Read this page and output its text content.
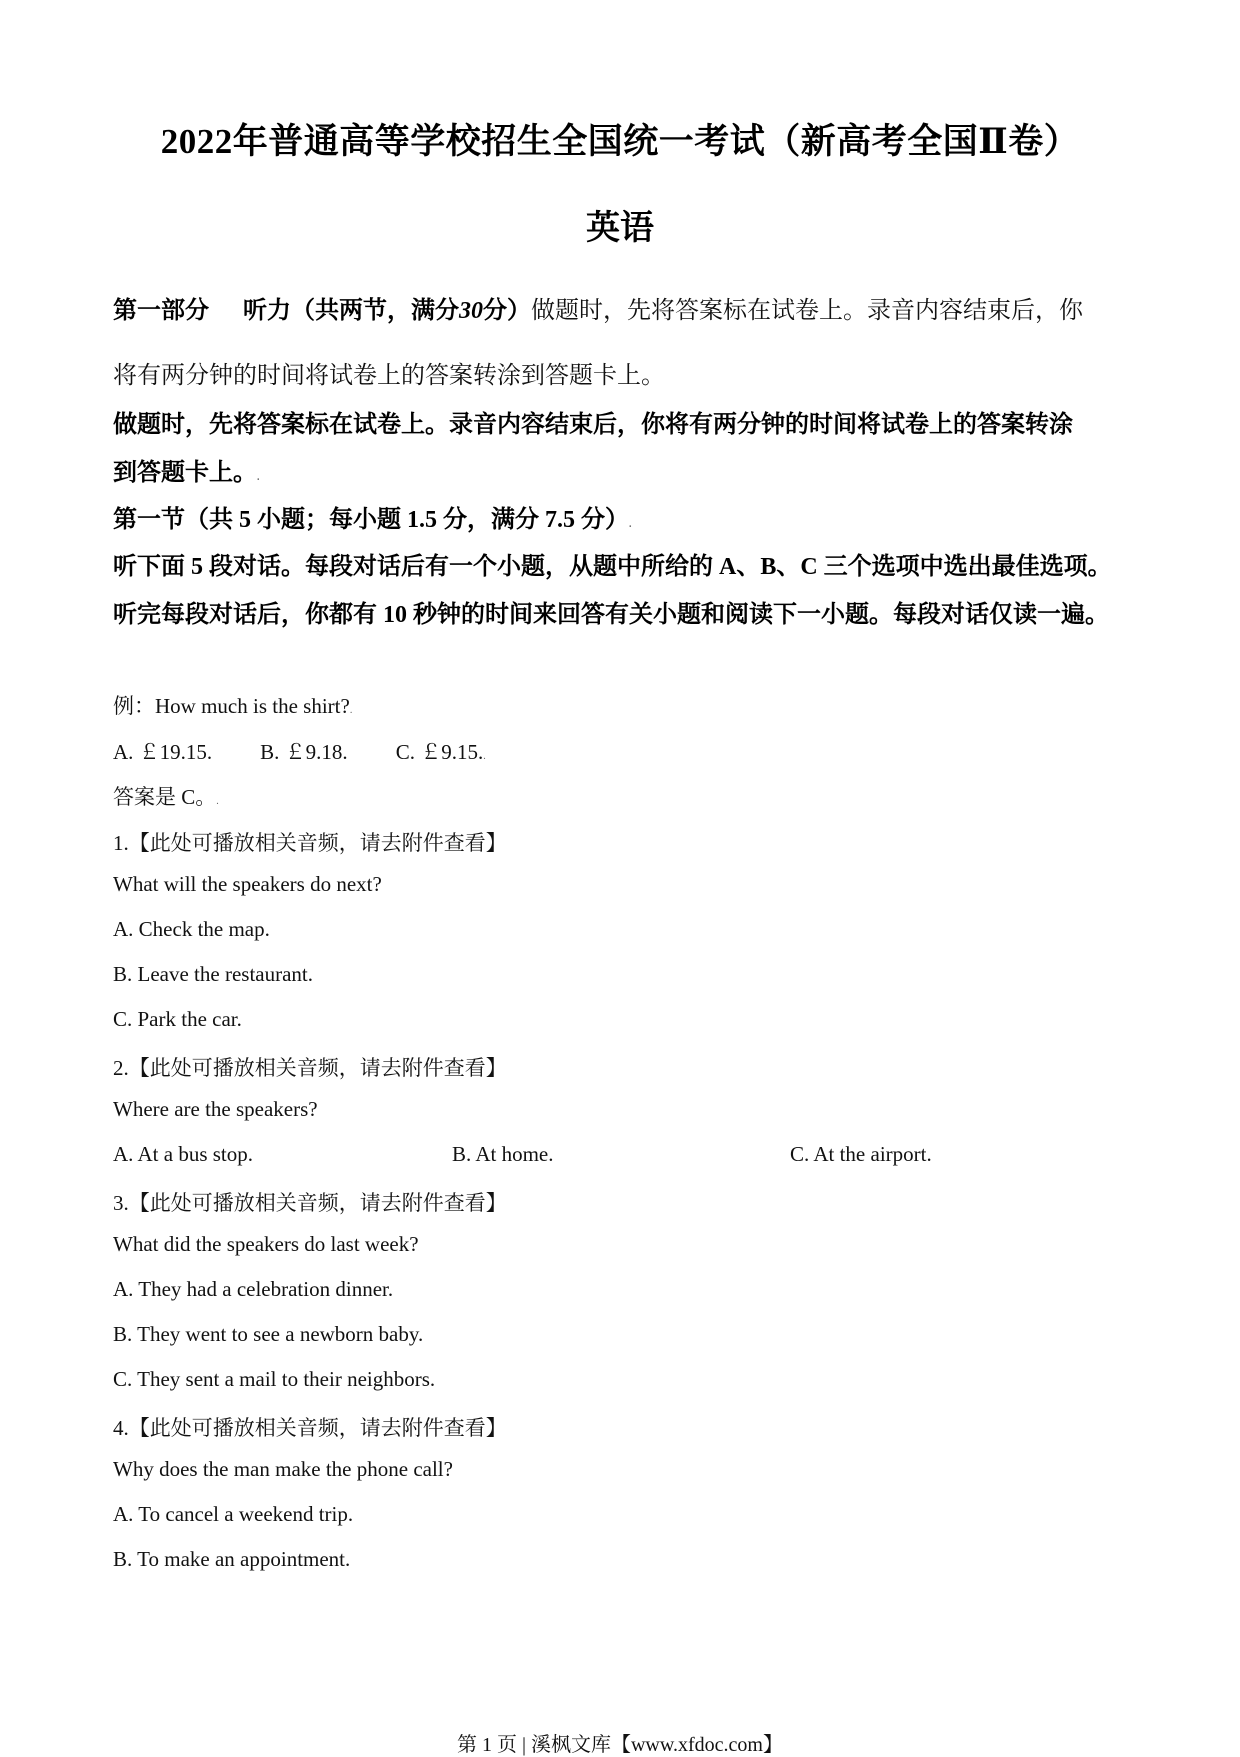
2022年普通高等学校招生全国统一考试（新高考全国Ⅱ卷）
英语
第一部分 听力（共两节，满分30分）做题时，先将答案标在试卷上。录音内容结束后，你
将有两分钟的时间将试卷上的答案转涂到答题卡上。
做题时，先将答案标在试卷上。录音内容结束后，你将有两分钟的时间将试卷上的答案转涂
到答题卡上。.
第一节（共 5 小题；每小题 1.5 分，满分 7.5 分）.
听下面 5 段对话。每段对话后有一个小题，从题中所给的 A、B、C 三个选项中选出最佳选项。
听完每段对话后，你都有 10 秒钟的时间来回答有关小题和阅读下一小题。每段对话仅读一遍。
例：How much is the shirt?.
A. ￡19.15. B. ￡9.18. C. ￡9.15..
答案是 C。.
1.【此处可播放相关音频，请去附件查看】
What will the speakers do next?
A. Check the map.
B. Leave the restaurant.
C. Park the car.
2.【此处可播放相关音频，请去附件查看】
Where are the speakers?
A. At a bus stop.	B. At home.	C. At the airport.
3.【此处可播放相关音频，请去附件查看】
What did the speakers do last week?
A. They had a celebration dinner.
B. They went to see a newborn baby.
C. They sent a mail to their neighbors.
4.【此处可播放相关音频，请去附件查看】
Why does the man make the phone call?
A. To cancel a weekend trip.
B. To make an appointment.
第 1 页 | 溪枫文库【www.xfdoc.com】
